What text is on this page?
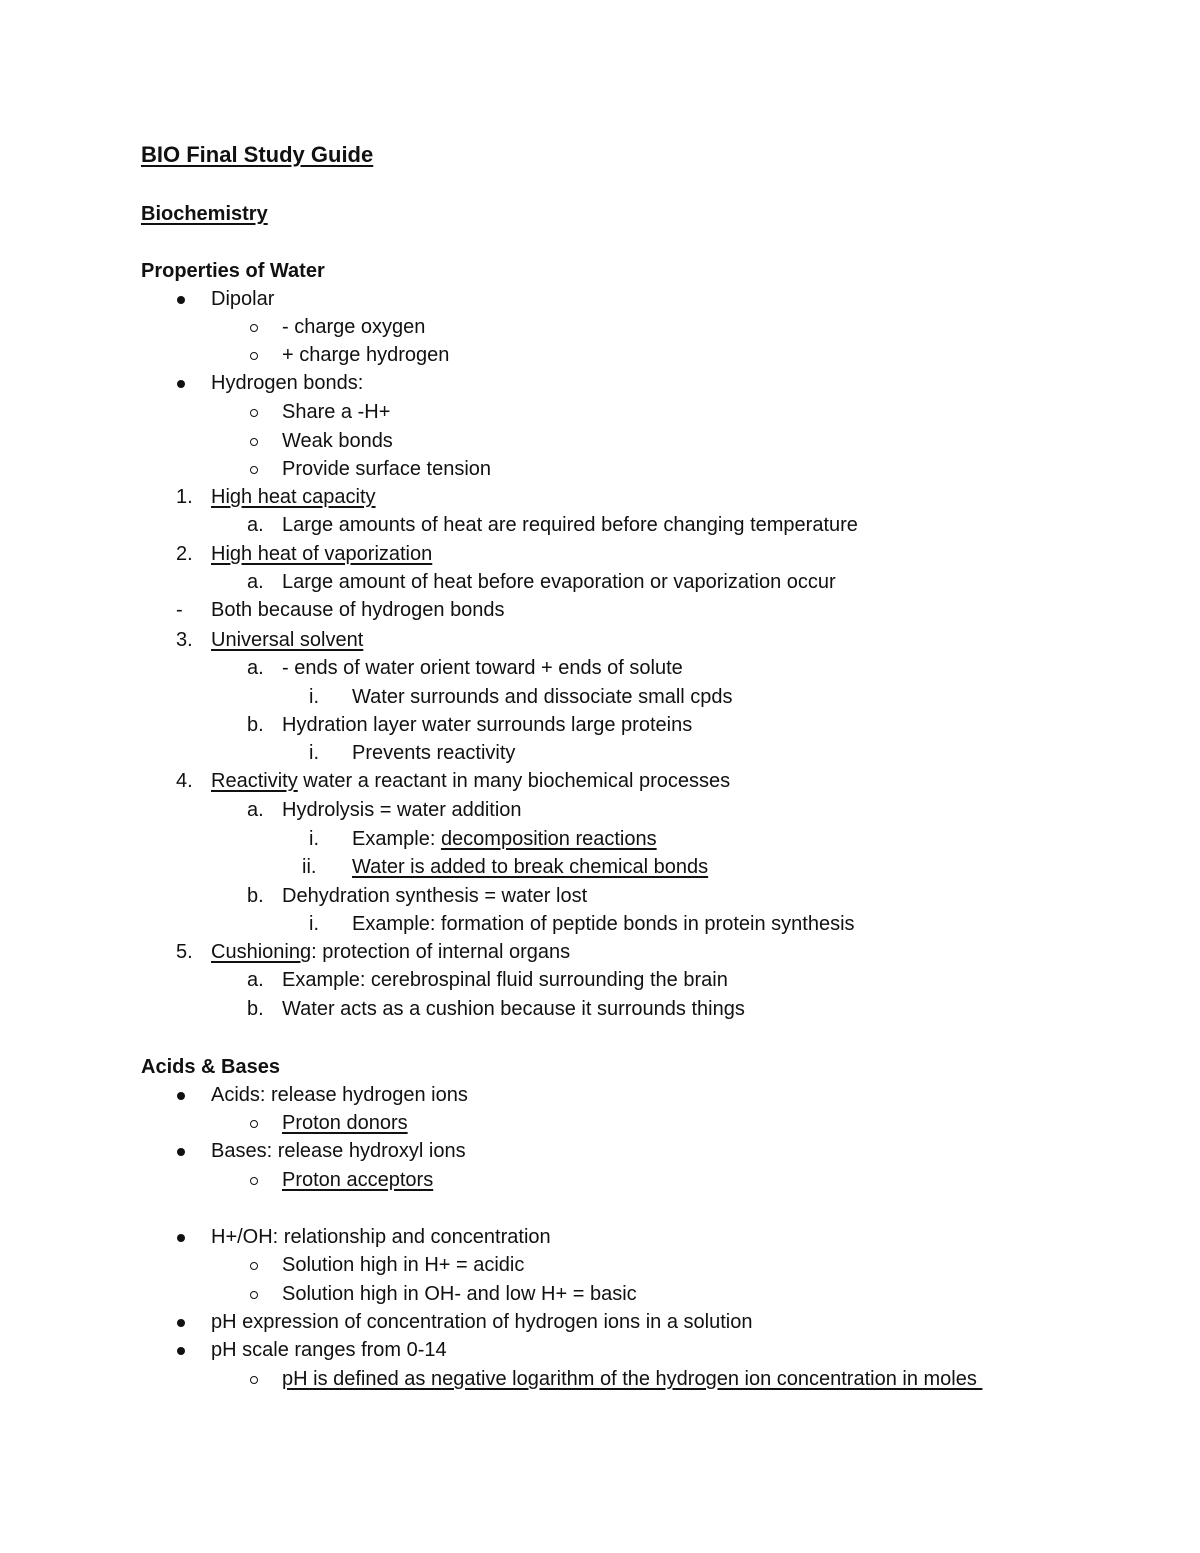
BIO Final Study Guide
Biochemistry
Properties of Water
Dipolar
- charge oxygen
+ charge hydrogen
Hydrogen bonds:
Share a -H+
Weak bonds
Provide surface tension
1. High heat capacity
a. Large amounts of heat are required before changing temperature
2. High heat of vaporization
a. Large amount of heat before evaporation or vaporization occur
- Both because of hydrogen bonds
3. Universal solvent
a. - ends of water orient toward + ends of solute
i. Water surrounds and dissociate small cpds
b. Hydration layer water surrounds large proteins
i. Prevents reactivity
4. Reactivity water a reactant in many biochemical processes
a. Hydrolysis = water addition
i. Example: decomposition reactions
ii. Water is added to break chemical bonds
b. Dehydration synthesis = water lost
i. Example: formation of peptide bonds in protein synthesis
5. Cushioning: protection of internal organs
a. Example: cerebrospinal fluid surrounding the brain
b. Water acts as a cushion because it surrounds things
Acids & Bases
Acids: release hydrogen ions
Proton donors
Bases: release hydroxyl ions
Proton acceptors
H+/OH: relationship and concentration
Solution high in H+ = acidic
Solution high in OH- and low H+ = basic
pH expression of concentration of hydrogen ions in a solution
pH scale ranges from 0-14
pH is defined as negative logarithm of the hydrogen ion concentration in moles
